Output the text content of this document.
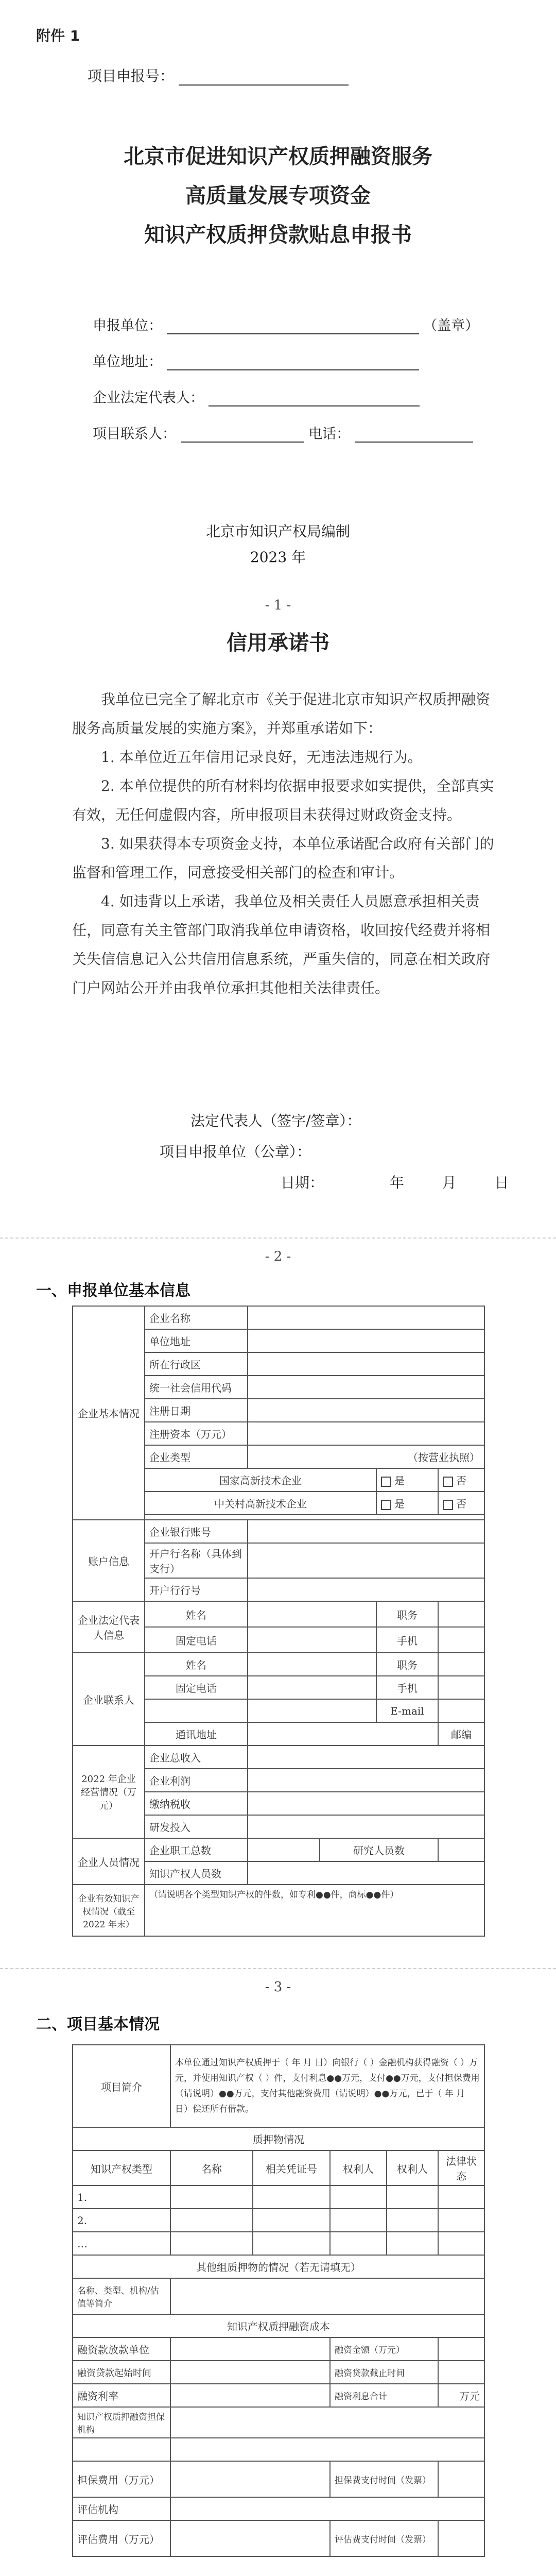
附件 1
项目申报号：
北京市促进知识产权质押融资服务
高质量发展专项资金
知识产权质押贷款贴息申报书
申报单位：	（盖章）
单位地址：
企业法定代表人：
项目联系人：	电话：
北京市知识产权局编制
2023 年
- 1 -
信用承诺书
我单位已完全了解北京市《关于促进北京市知识产权质押融资服务高质量发展的实施方案》，并郑重承诺如下：
1. 本单位近五年信用记录良好，无违法违规行为。
2. 本单位提供的所有材料均依据申报要求如实提供，全部真实有效，无任何虚假内容，所申报项目未获得过财政资金支持。
3. 如果获得本专项资金支持，本单位承诺配合政府有关部门的监督和管理工作，同意接受相关部门的检查和审计。
4. 如违背以上承诺，我单位及相关责任人员愿意承担相关责任，同意有关主管部门取消我单位申请资格，收回按代经费并将相关失信信息记入公共信用信息系统，严重失信的，同意在相关政府门户网站公开并由我单位承担其他相关法律责任。
法定代表人（签字/签章）：
项目申报单位（公章）：
日期：	年	月	日
- 2 -
一、申报单位基本信息
企业基本情况	企业名称				
	单位地址				
	所在行政区				
	统一社会信用代码				
	注册日期				
	注册资本（万元）				
	企业类型	（按营业执照）			
	国家高新技术企业			是	否
	中关村高新技术企业			是	否

账户信息	企业银行账号				
	开户行名称（具体到支行）				
	开户行行号				
企业法定代表人信息	姓名			职务	
	固定电话			手机	
企业联系人	姓名			职务	
	固定电话			手机	
				E-mail	
	通讯地址				邮编
2022 年企业经营情况（万元）	企业总收入				
	企业利润				
	缴纳税收				
	研发投入				
企业人员情况	企业职工总数		研究人员数		
	知识产权人员数				
企业有效知识产权情况（截至 2022 年末）	（请说明各个类型知识产权的件数，如专利●●件，商标●●件）				
- 3 -
二、项目基本情况
项目简介	本单位通过知识产权质押于（ 年 月 日）向银行（ ）金融机构获得融资（ ）万元，并使用知识产权（ ）件，支付利息●●万元，支付●●万元，支付担保费用（请说明）●●万元，支付其他融资费用（请说明）●●万元，已于（ 年 月 日）偿还所有借款。				
质押物情况					
知识产权类型	名称	相关凭证号	权利人	权利人	法律状态
1.					
2.					
…					
其他组质押物的情况（若无请填无）					
名称、类型、机构/估值等简介					
知识产权质押融资成本					
融资款放款单位			融资金额（万元）		
融资贷款起始时间			融资贷款截止时间		
融资利率			融资利息合计		万元
知识产权质押融资担保机构					

担保费用（万元）			担保费支付时间（发票）		
评估机构					
评估费用（万元）			评估费支付时间（发票）		
